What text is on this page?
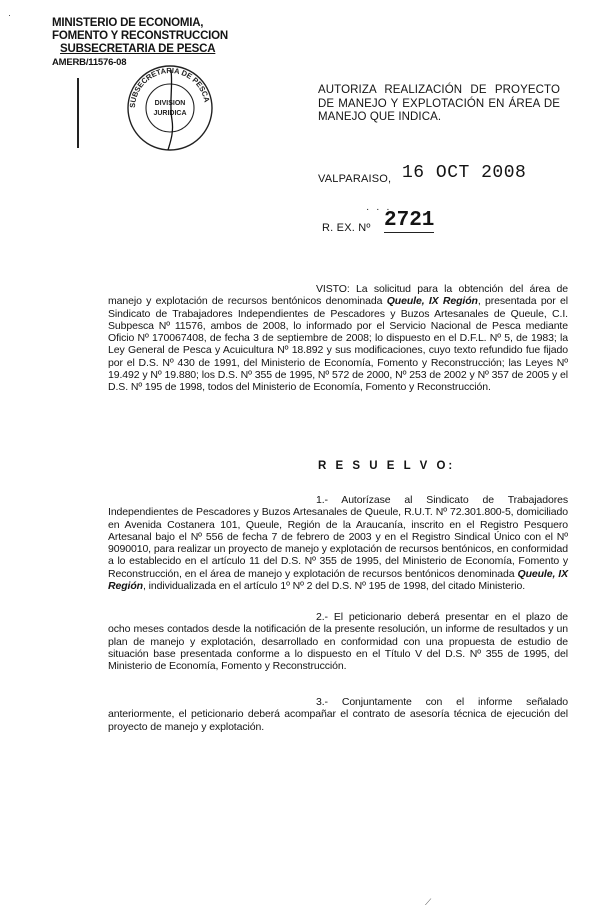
MINISTERIO DE ECONOMIA,
FOMENTO Y RECONSTRUCCION
SUBSECRETARIA DE PESCA
AMERB/11576-08
SUBSECRETARIA DE PESCA
DIVISION
JURIDICA
AUTORIZA REALIZACIÓN DE PROYECTO DE MANEJO Y EXPLOTACIÓN EN ÁREA DE MANEJO QUE INDICA.
VALPARAISO, 16 OCT 2008
· · ·
R. EX. Nº 2721
VISTO: La solicitud para la obtención del área de manejo y explotación de recursos bentónicos denominada Queule, IX Región, presentada por el Sindicato de Trabajadores Independientes de Pescadores y Buzos Artesanales de Queule, C.I. Subpesca Nº 11576, ambos de 2008, lo informado por el Servicio Nacional de Pesca mediante Oficio Nº 170067408, de fecha 3 de septiembre de 2008; lo dispuesto en el D.F.L. Nº 5, de 1983; la Ley General de Pesca y Acuicultura Nº 18.892 y sus modificaciones, cuyo texto refundido fue fijado por el D.S. Nº 430 de 1991, del Ministerio de Economía, Fomento y Reconstrucción; las Leyes Nº 19.492 y Nº 19.880; los D.S. Nº 355 de 1995, Nº 572 de 2000, Nº 253 de 2002 y Nº 357 de 2005 y el D.S. Nº 195 de 1998, todos del Ministerio de Economía, Fomento y Reconstrucción.
R E S U E L V O:
1.- Autorízase al Sindicato de Trabajadores Independientes de Pescadores y Buzos Artesanales de Queule, R.U.T. Nº 72.301.800-5, domiciliado en Avenida Costanera 101, Queule, Región de la Araucanía, inscrito en el Registro Pesquero Artesanal bajo el Nº 556 de fecha 7 de febrero de 2003 y en el Registro Sindical Único con el Nº 9090010, para realizar un proyecto de manejo y explotación de recursos bentónicos, en conformidad a lo establecido en el artículo 11 del D.S. Nº 355 de 1995, del Ministerio de Economía, Fomento y Reconstrucción, en el área de manejo y explotación de recursos bentónicos denominada Queule, IX Región, individualizada en el artículo 1º Nº 2 del D.S. Nº 195 de 1998, del citado Ministerio.
2.- El peticionario deberá presentar en el plazo de ocho meses contados desde la notificación de la presente resolución, un informe de resultados y un plan de manejo y explotación, desarrollado en conformidad con una propuesta de estudio de situación base presentada conforme a lo dispuesto en el Título V del D.S. Nº 355 de 1995, del Ministerio de Economía, Fomento y Reconstrucción.
3.- Conjuntamente con el informe señalado anteriormente, el peticionario deberá acompañar el contrato de asesoría técnica de ejecución del proyecto de manejo y explotación.
⟋
·
